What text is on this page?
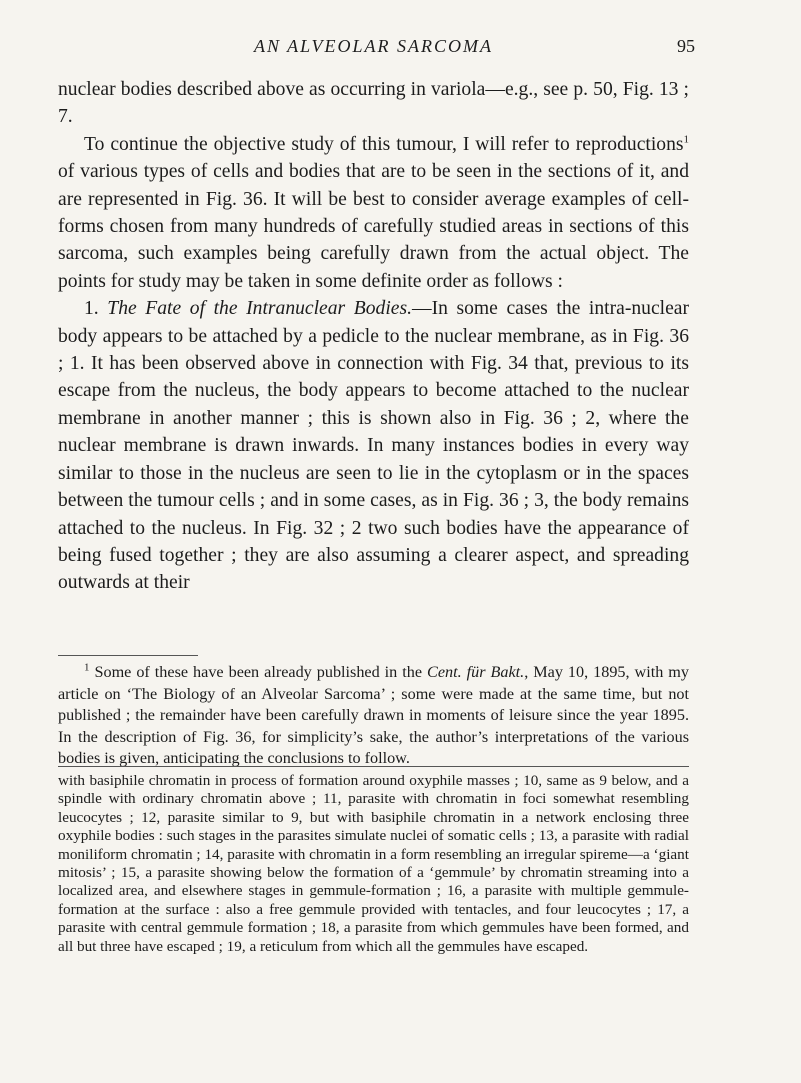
AN ALVEOLAR SARCOMA	95

nuclear bodies described above as occurring in variola—e.g., see p. 50, Fig. 13 ; 7.

To continue the objective study of this tumour, I will refer to reproductions$^1$ of various types of cells and bodies that are to be seen in the sections of it, and are represented in Fig. 36. It will be best to consider average examples of cell-forms chosen from many hundreds of carefully studied areas in sections of this sarcoma, such examples being carefully drawn from the actual object. The points for study may be taken in some definite order as follows :

1. The Fate of the Intranuclear Bodies.—In some cases the intra-nuclear body appears to be attached by a pedicle to the nuclear membrane, as in Fig. 36 ; 1. It has been observed above in connection with Fig. 34 that, previous to its escape from the nucleus, the body appears to become attached to the nuclear membrane in another manner ; this is shown also in Fig. 36 ; 2, where the nuclear membrane is drawn inwards. In many instances bodies in every way similar to those in the nucleus are seen to lie in the cytoplasm or in the spaces between the tumour cells ; and in some cases, as in Fig. 36 ; 3, the body remains attached to the nucleus. In Fig. 32 ; 2 two such bodies have the appearance of being fused together ; they are also assuming a clearer aspect, and spreading outwards at their

$^1$ Some of these have been already published in the Cent. für Bakt., May 10, 1895, with my article on ‘The Biology of an Alveolar Sarcoma’ ; some were made at the same time, but not published ; the remainder have been carefully drawn in moments of leisure since the year 1895. In the description of Fig. 36, for simplicity’s sake, the author’s interpretations of the various bodies is given, anticipating the conclusions to follow.

with basiphile chromatin in process of formation around oxyphile masses ; 10, same as 9 below, and a spindle with ordinary chromatin above ; 11, parasite with chromatin in foci somewhat resembling leucocytes ; 12, parasite similar to 9, but with basiphile chromatin in a network enclosing three oxyphile bodies : such stages in the parasites simulate nuclei of somatic cells ; 13, a parasite with radial moniliform chromatin ; 14, parasite with chromatin in a form resembling an irregular spireme—a ‘giant mitosis’ ; 15, a parasite showing below the formation of a ‘gemmule’ by chromatin streaming into a localized area, and elsewhere stages in gemmule-formation ; 16, a parasite with multiple gemmule-formation at the surface : also a free gemmule provided with tentacles, and four leucocytes ; 17, a parasite with central gemmule formation ; 18, a parasite from which gemmules have been formed, and all but three have escaped ; 19, a reticulum from which all the gemmules have escaped.
